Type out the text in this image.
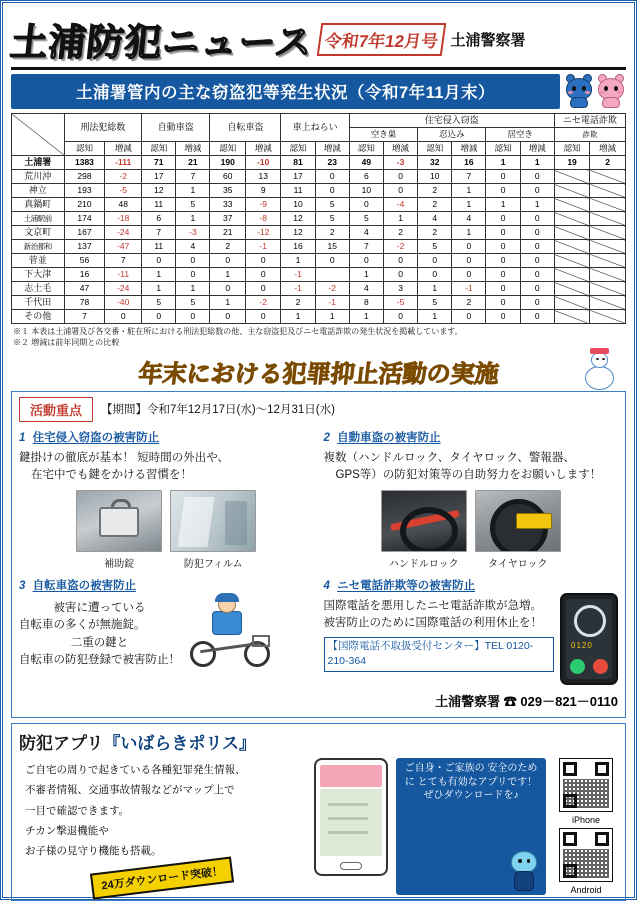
土浦防犯ニュース 令和7年12月号 土浦警察署
土浦署管内の主な窃盗犯等発生状況（令和7年11月末）
	刑法犯総数		自動車盗		自転車盗		車上ねらい		住宅侵入窃盗						ニセ電話詐欺	
									空き巣		忍込み		居空き		詐欺	
	認知	増減	認知	増減	認知	増減	認知	増減	認知	増減	認知	増減	認知	増減	認知	増減
土浦署	1383	-111	71	21	190	-10	81	23	49	-3	32	16	1	1	19	2
荒川沖	298	-2	17	7	60	13	17	0	6	0	10	7	0	0		
神立	193	-5	12	1	35	9	11	0	10	0	2	1	0	0		
真鍋町	210	48	11	5	33	-9	10	5	0	-4	2	1	1	1		
土浦駅前	174	-18	6	1	37	-8	12	5	5	1	4	4	0	0		
文京町	167	-24	7	-3	21	-12	12	2	4	2	2	1	0	0		
新治都和	137	-47	11	4	2	-1	16	15	7	-2	5	0	0	0		
菅並	56	7	0	0	0	0	1	0	0	0	0	0	0	0		
下大津	16	-11	1	0	1	0	-1		1	0	0	0	0	0		
志土毛	47	-24	1	1	0	0	-1	-2	4	3	1	-1	0	0		
千代田	78	-40	5	5	1	-2	2	-1	8	-5	5	2	0	0		
その他	7	0	0	0	0	0	1	1	1	0	1	0	0	0		
※１ 本表は土浦署及び各交番・駐在所における刑法犯総数の他、主な窃盗犯及びニセ電話詐欺の発生状況を掲載しています。
※２ 増減は前年同期との比較
年末における犯罪抑止活動の実施
活動重点	【期間】令和7年12月17日(水)〜12月31日(水)
1 住宅侵入窃盗の被害防止
鍵掛けの徹底が基本！ 短時間の外出や、
在宅中でも鍵をかける習慣を！
補助錠	防犯フィルム
2 自動車盗の被害防止
複数（ハンドルロック、タイヤロック、警報器、
GPS等）の防犯対策等の自助努力をお願いします！
ハンドルロック	タイヤロック
3 自転車盗の被害防止
被害に遭っている
自転車の多くが無施錠。
二重の鍵と
自転車の防犯登録で被害防止！
4 ニセ電話詐欺等の被害防止
国際電話を悪用したニセ電話詐欺が急増。
被害防止のために国際電話の利用休止を！
【国際電話不取扱受付センター】TEL 0120-210-364
0120
土浦警察署 ☎ 029－821－0110
防犯アプリ『いばらきポリス』

ご自宅の周りで起きている各種犯罪発生情報、

不審者情報、交通事故情報などがマップ上で

一目で確認できます。

チカン撃退機能や

お子様の見守り機能も搭載。

24万ダウンロード突破！
ご自身・ご家族の 安全のために とても有効なアプリです！ ぜひダウンロードを♪
iPhone
Android
